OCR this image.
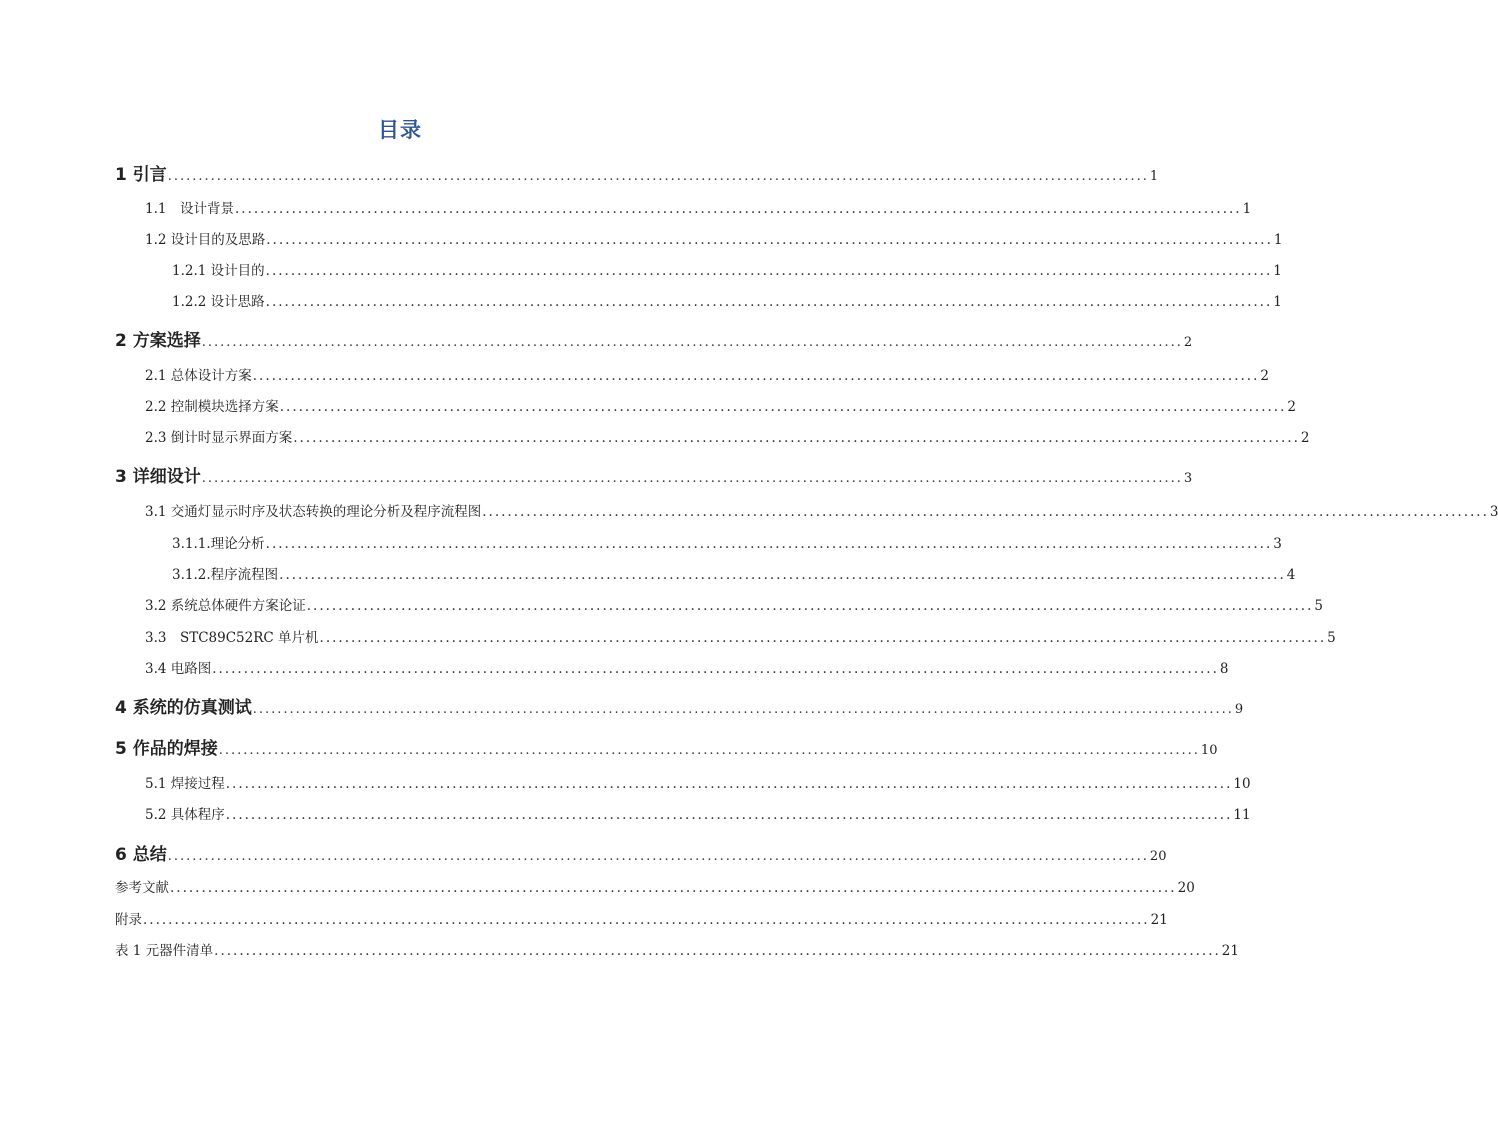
目录
1 引言 ................................................................................................................................................................ 1
1.1　设计背景 ................................................................................................................................................................ 1
1.2 设计目的及思路 ................................................................................................................................................................ 1
1.2.1 设计目的 ................................................................................................................................................................ 1
1.2.2 设计思路 ................................................................................................................................................................ 1
2 方案选择 ................................................................................................................................................................ 2
2.1 总体设计方案 ................................................................................................................................................................ 2
2.2 控制模块选择方案 ................................................................................................................................................................ 2
2.3 倒计时显示界面方案 ................................................................................................................................................................ 2
3 详细设计 ................................................................................................................................................................ 3
3.1 交通灯显示时序及状态转换的理论分析及程序流程图 ................................................................................................................................................................ 3
3.1.1.理论分析 ................................................................................................................................................................ 3
3.1.2.程序流程图 ................................................................................................................................................................ 4
3.2 系统总体硬件方案论证 ................................................................................................................................................................ 5
3.3　STC89C52RC 单片机 ................................................................................................................................................................ 5
3.4 电路图 ................................................................................................................................................................ 8
4 系统的仿真测试 ................................................................................................................................................................ 9
5 作品的焊接 ................................................................................................................................................................ 10
5.1 焊接过程 ................................................................................................................................................................ 10
5.2 具体程序 ................................................................................................................................................................ 11
6 总结 ................................................................................................................................................................ 20
参考文献 ................................................................................................................................................................ 20
附录 ................................................................................................................................................................ 21
表 1 元器件清单 ................................................................................................................................................................ 21
